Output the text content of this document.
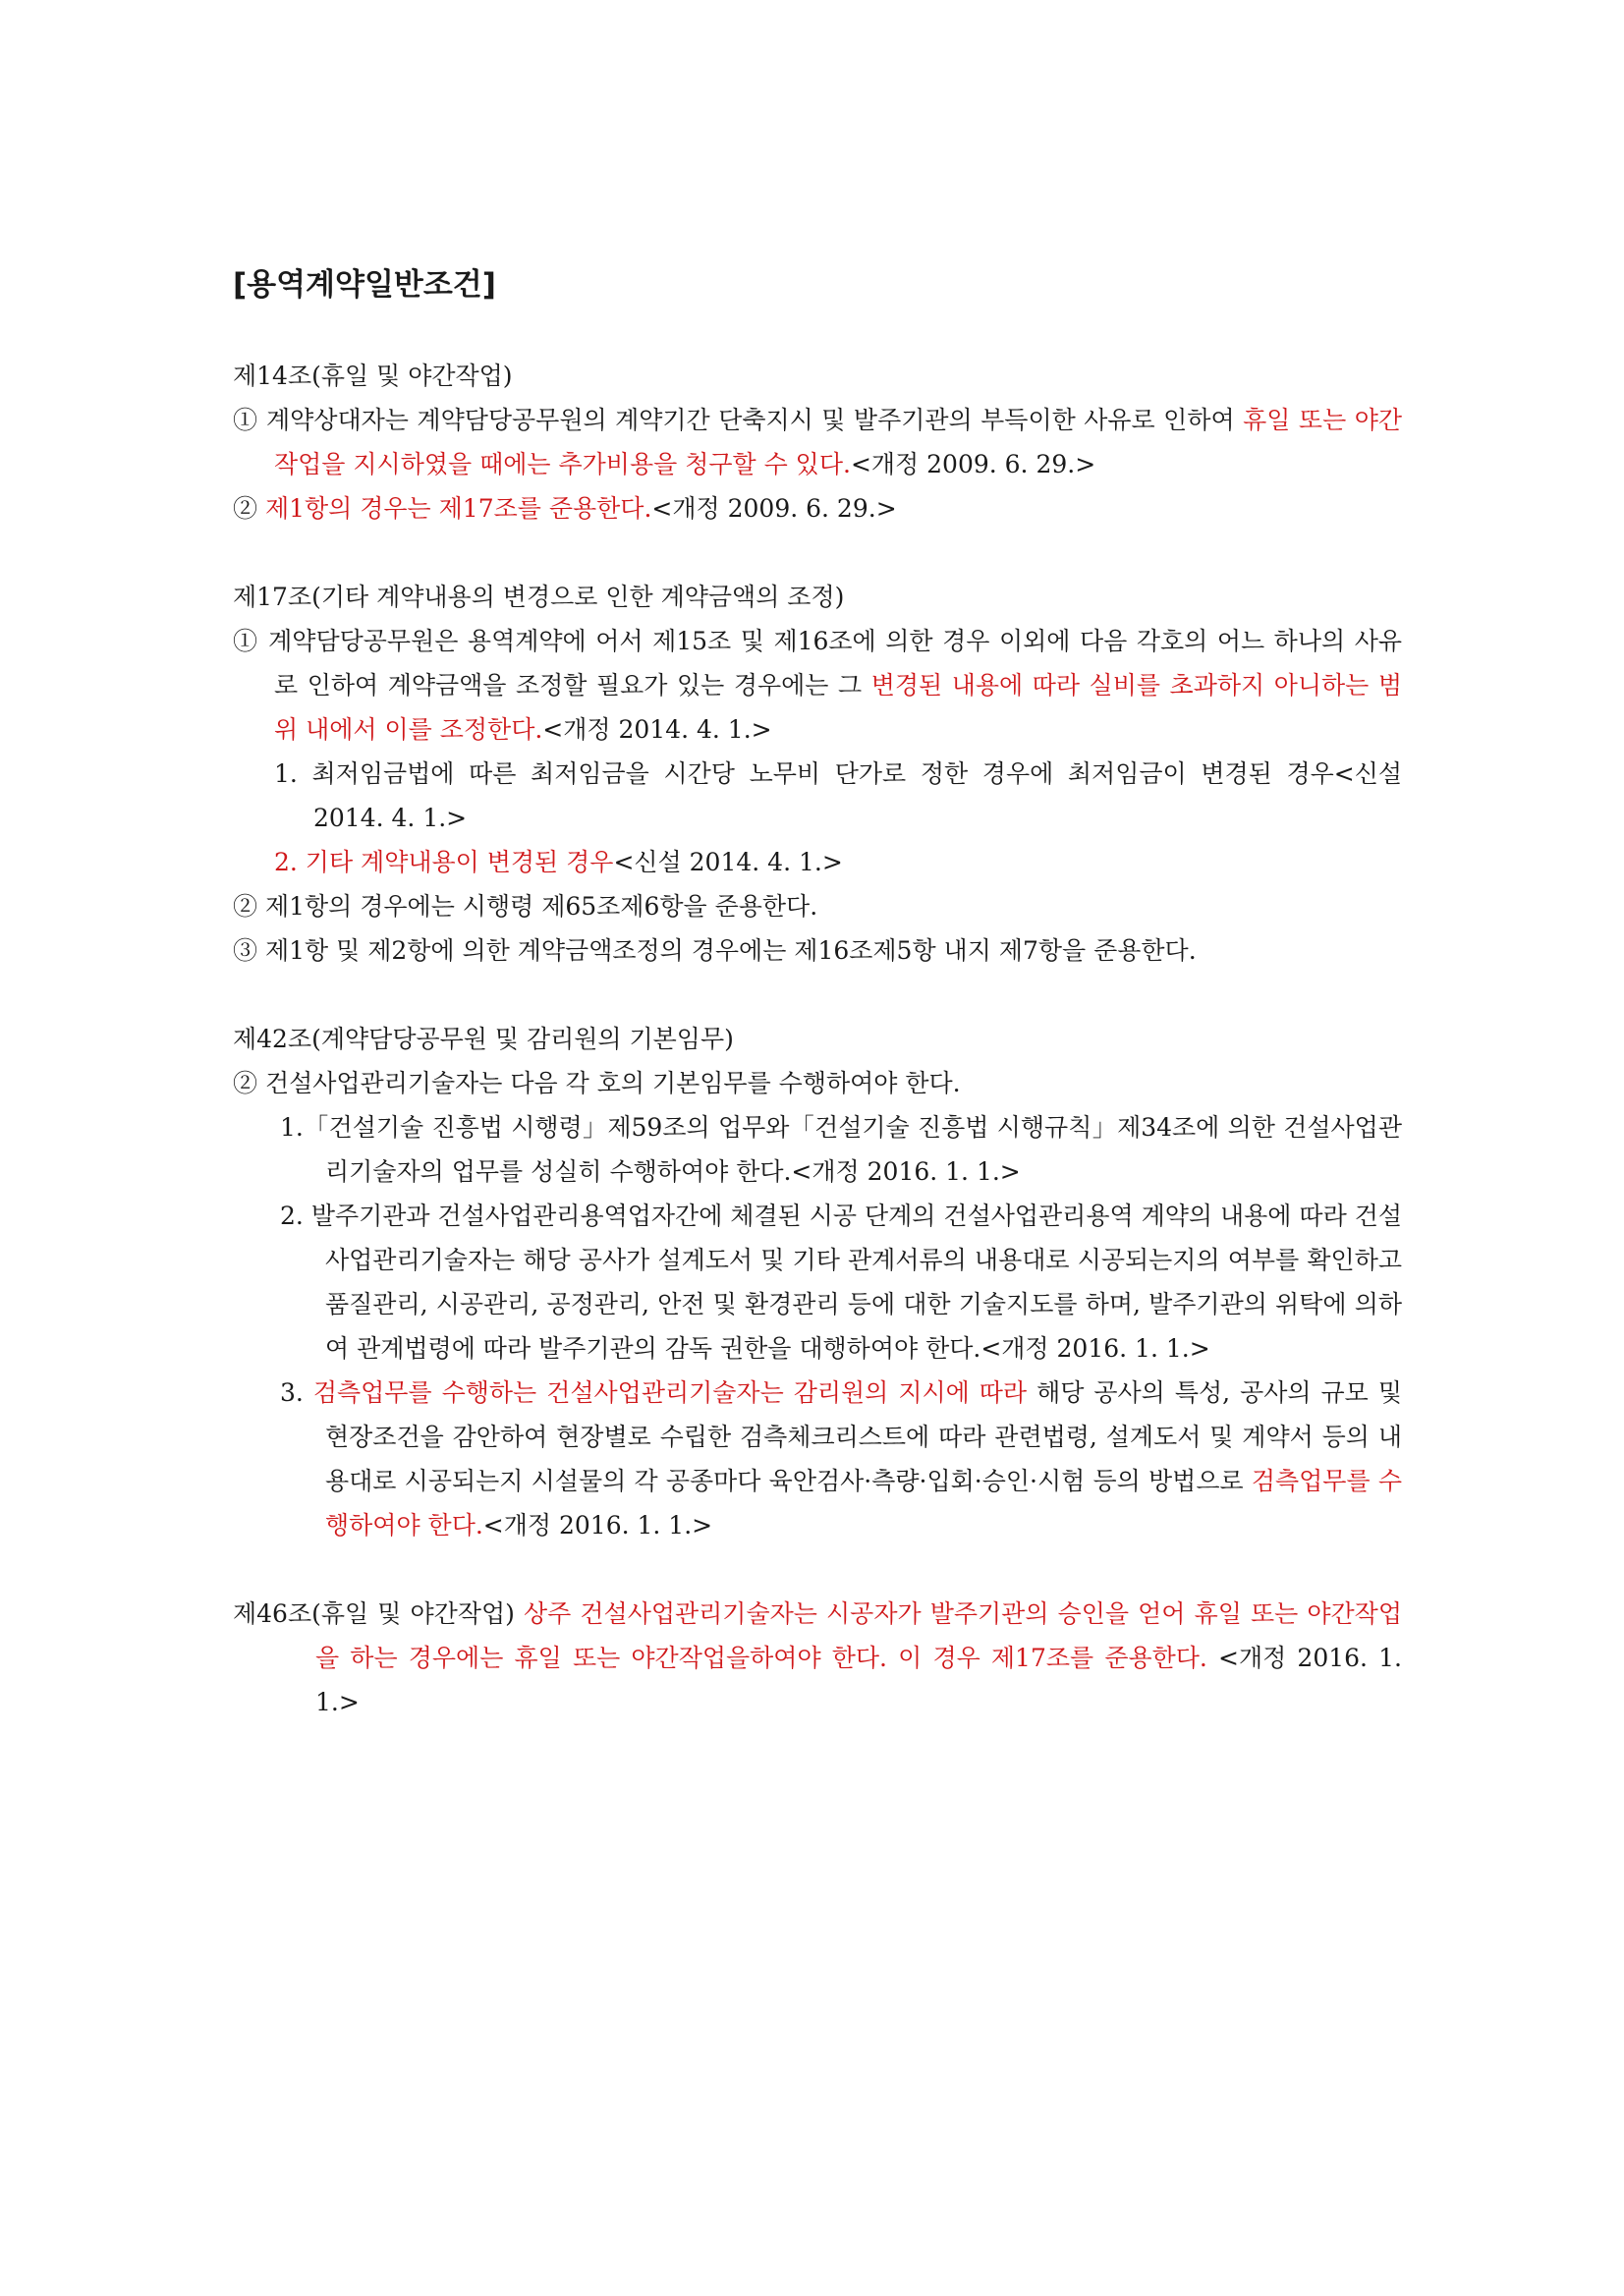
[용역계약일반조건]

제14조(휴일 및 야간작업)

① 계약상대자는 계약담당공무원의 계약기간 단축지시 및 발주기관의 부득이한 사유로 인하여 휴일 또는 야간작업을 지시하였을 때에는 추가비용을 청구할 수 있다.<개정 2009. 6. 29.>

② 제1항의 경우는 제17조를 준용한다.<개정 2009. 6. 29.>

제17조(기타 계약내용의 변경으로 인한 계약금액의 조정)

① 계약담당공무원은 용역계약에 어서 제15조 및 제16조에 의한 경우 이외에 다음 각호의 어느 하나의 사유로 인하여 계약금액을 조정할 필요가 있는 경우에는 그 변경된 내용에 따라 실비를 초과하지 아니하는 범위 내에서 이를 조정한다.<개정 2014. 4. 1.>

1. 최저임금법에 따른 최저임금을 시간당 노무비 단가로 정한 경우에 최저임금이 변경된 경우<신설 2014. 4. 1.>

2. 기타 계약내용이 변경된 경우<신설 2014. 4. 1.>

② 제1항의 경우에는 시행령 제65조제6항을 준용한다.

③ 제1항 및 제2항에 의한 계약금액조정의 경우에는 제16조제5항 내지 제7항을 준용한다.

제42조(계약담당공무원 및 감리원의 기본임무)

② 건설사업관리기술자는 다음 각 호의 기본임무를 수행하여야 한다.

1.「건설기술 진흥법 시행령」제59조의 업무와「건설기술 진흥법 시행규칙」제34조에 의한 건설사업관리기술자의 업무를 성실히 수행하여야 한다.<개정 2016. 1. 1.>

2. 발주기관과 건설사업관리용역업자간에 체결된 시공 단계의 건설사업관리용역 계약의 내용에 따라 건설사업관리기술자는 해당 공사가 설계도서 및 기타 관계서류의 내용대로 시공되는지의 여부를 확인하고 품질관리, 시공관리, 공정관리, 안전 및 환경관리 등에 대한 기술지도를 하며, 발주기관의 위탁에 의하여 관계법령에 따라 발주기관의 감독 권한을 대행하여야 한다.<개정 2016. 1. 1.>

3. 검측업무를 수행하는 건설사업관리기술자는 감리원의 지시에 따라 해당 공사의 특성, 공사의 규모 및 현장조건을 감안하여 현장별로 수립한 검측체크리스트에 따라 관련법령, 설계도서 및 계약서 등의 내용대로 시공되는지 시설물의 각 공종마다 육안검사·측량·입회·승인·시험 등의 방법으로 검측업무를 수행하여야 한다.<개정 2016. 1. 1.>

제46조(휴일 및 야간작업) 상주 건설사업관리기술자는 시공자가 발주기관의 승인을 얻어 휴일 또는 야간작업을 하는 경우에는 휴일 또는 야간작업을하여야 한다. 이 경우 제17조를 준용한다. <개정 2016. 1. 1.>
